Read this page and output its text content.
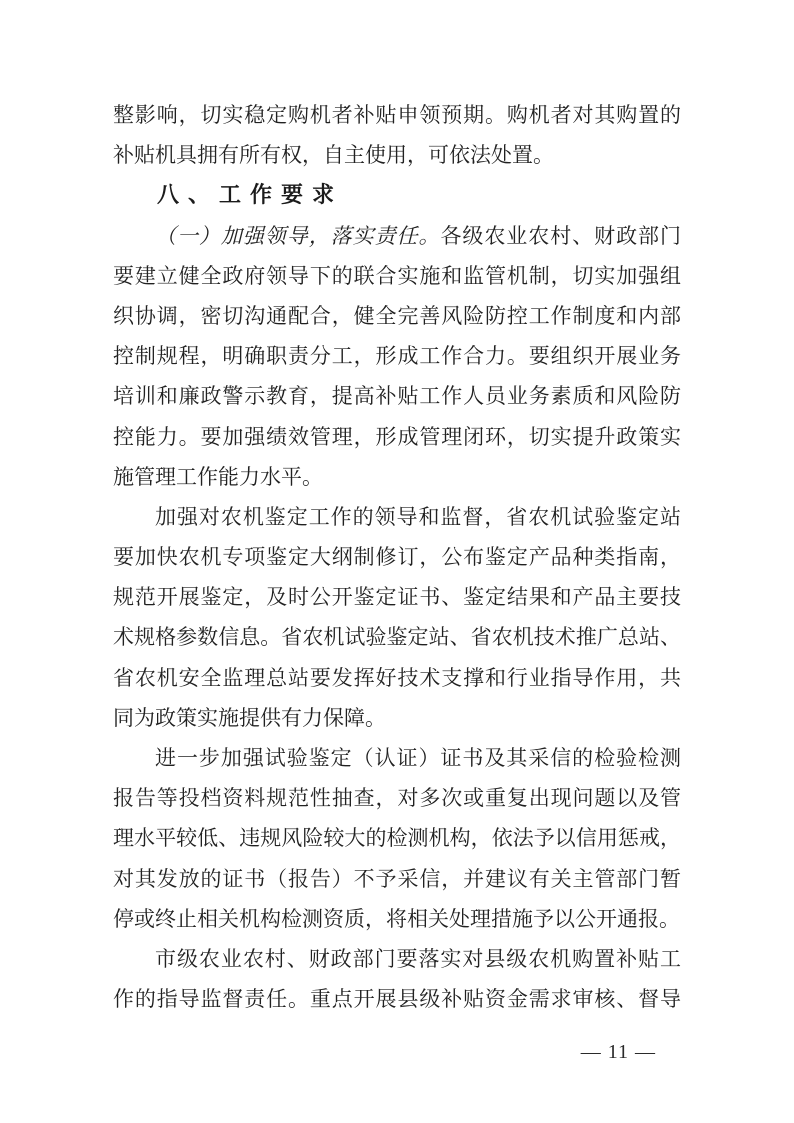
整影响，切实稳定购机者补贴申领预期。购机者对其购置的
补贴机具拥有所有权，自主使用，可依法处置。
八、工作要求
（一）加强领导，落实责任。各级农业农村、财政部门
要建立健全政府领导下的联合实施和监管机制，切实加强组
织协调，密切沟通配合，健全完善风险防控工作制度和内部
控制规程，明确职责分工，形成工作合力。要组织开展业务
培训和廉政警示教育，提高补贴工作人员业务素质和风险防
控能力。要加强绩效管理，形成管理闭环，切实提升政策实
施管理工作能力水平。
加强对农机鉴定工作的领导和监督，省农机试验鉴定站
要加快农机专项鉴定大纲制修订，公布鉴定产品种类指南，
规范开展鉴定，及时公开鉴定证书、鉴定结果和产品主要技
术规格参数信息。省农机试验鉴定站、省农机技术推广总站、
省农机安全监理总站要发挥好技术支撑和行业指导作用，共
同为政策实施提供有力保障。
进一步加强试验鉴定（认证）证书及其采信的检验检测
报告等投档资料规范性抽查，对多次或重复出现问题以及管
理水平较低、违规风险较大的检测机构，依法予以信用惩戒，
对其发放的证书（报告）不予采信，并建议有关主管部门暂
停或终止相关机构检测资质，将相关处理措施予以公开通报。
市级农业农村、财政部门要落实对县级农机购置补贴工
作的指导监督责任。重点开展县级补贴资金需求审核、督导
— 11 —
